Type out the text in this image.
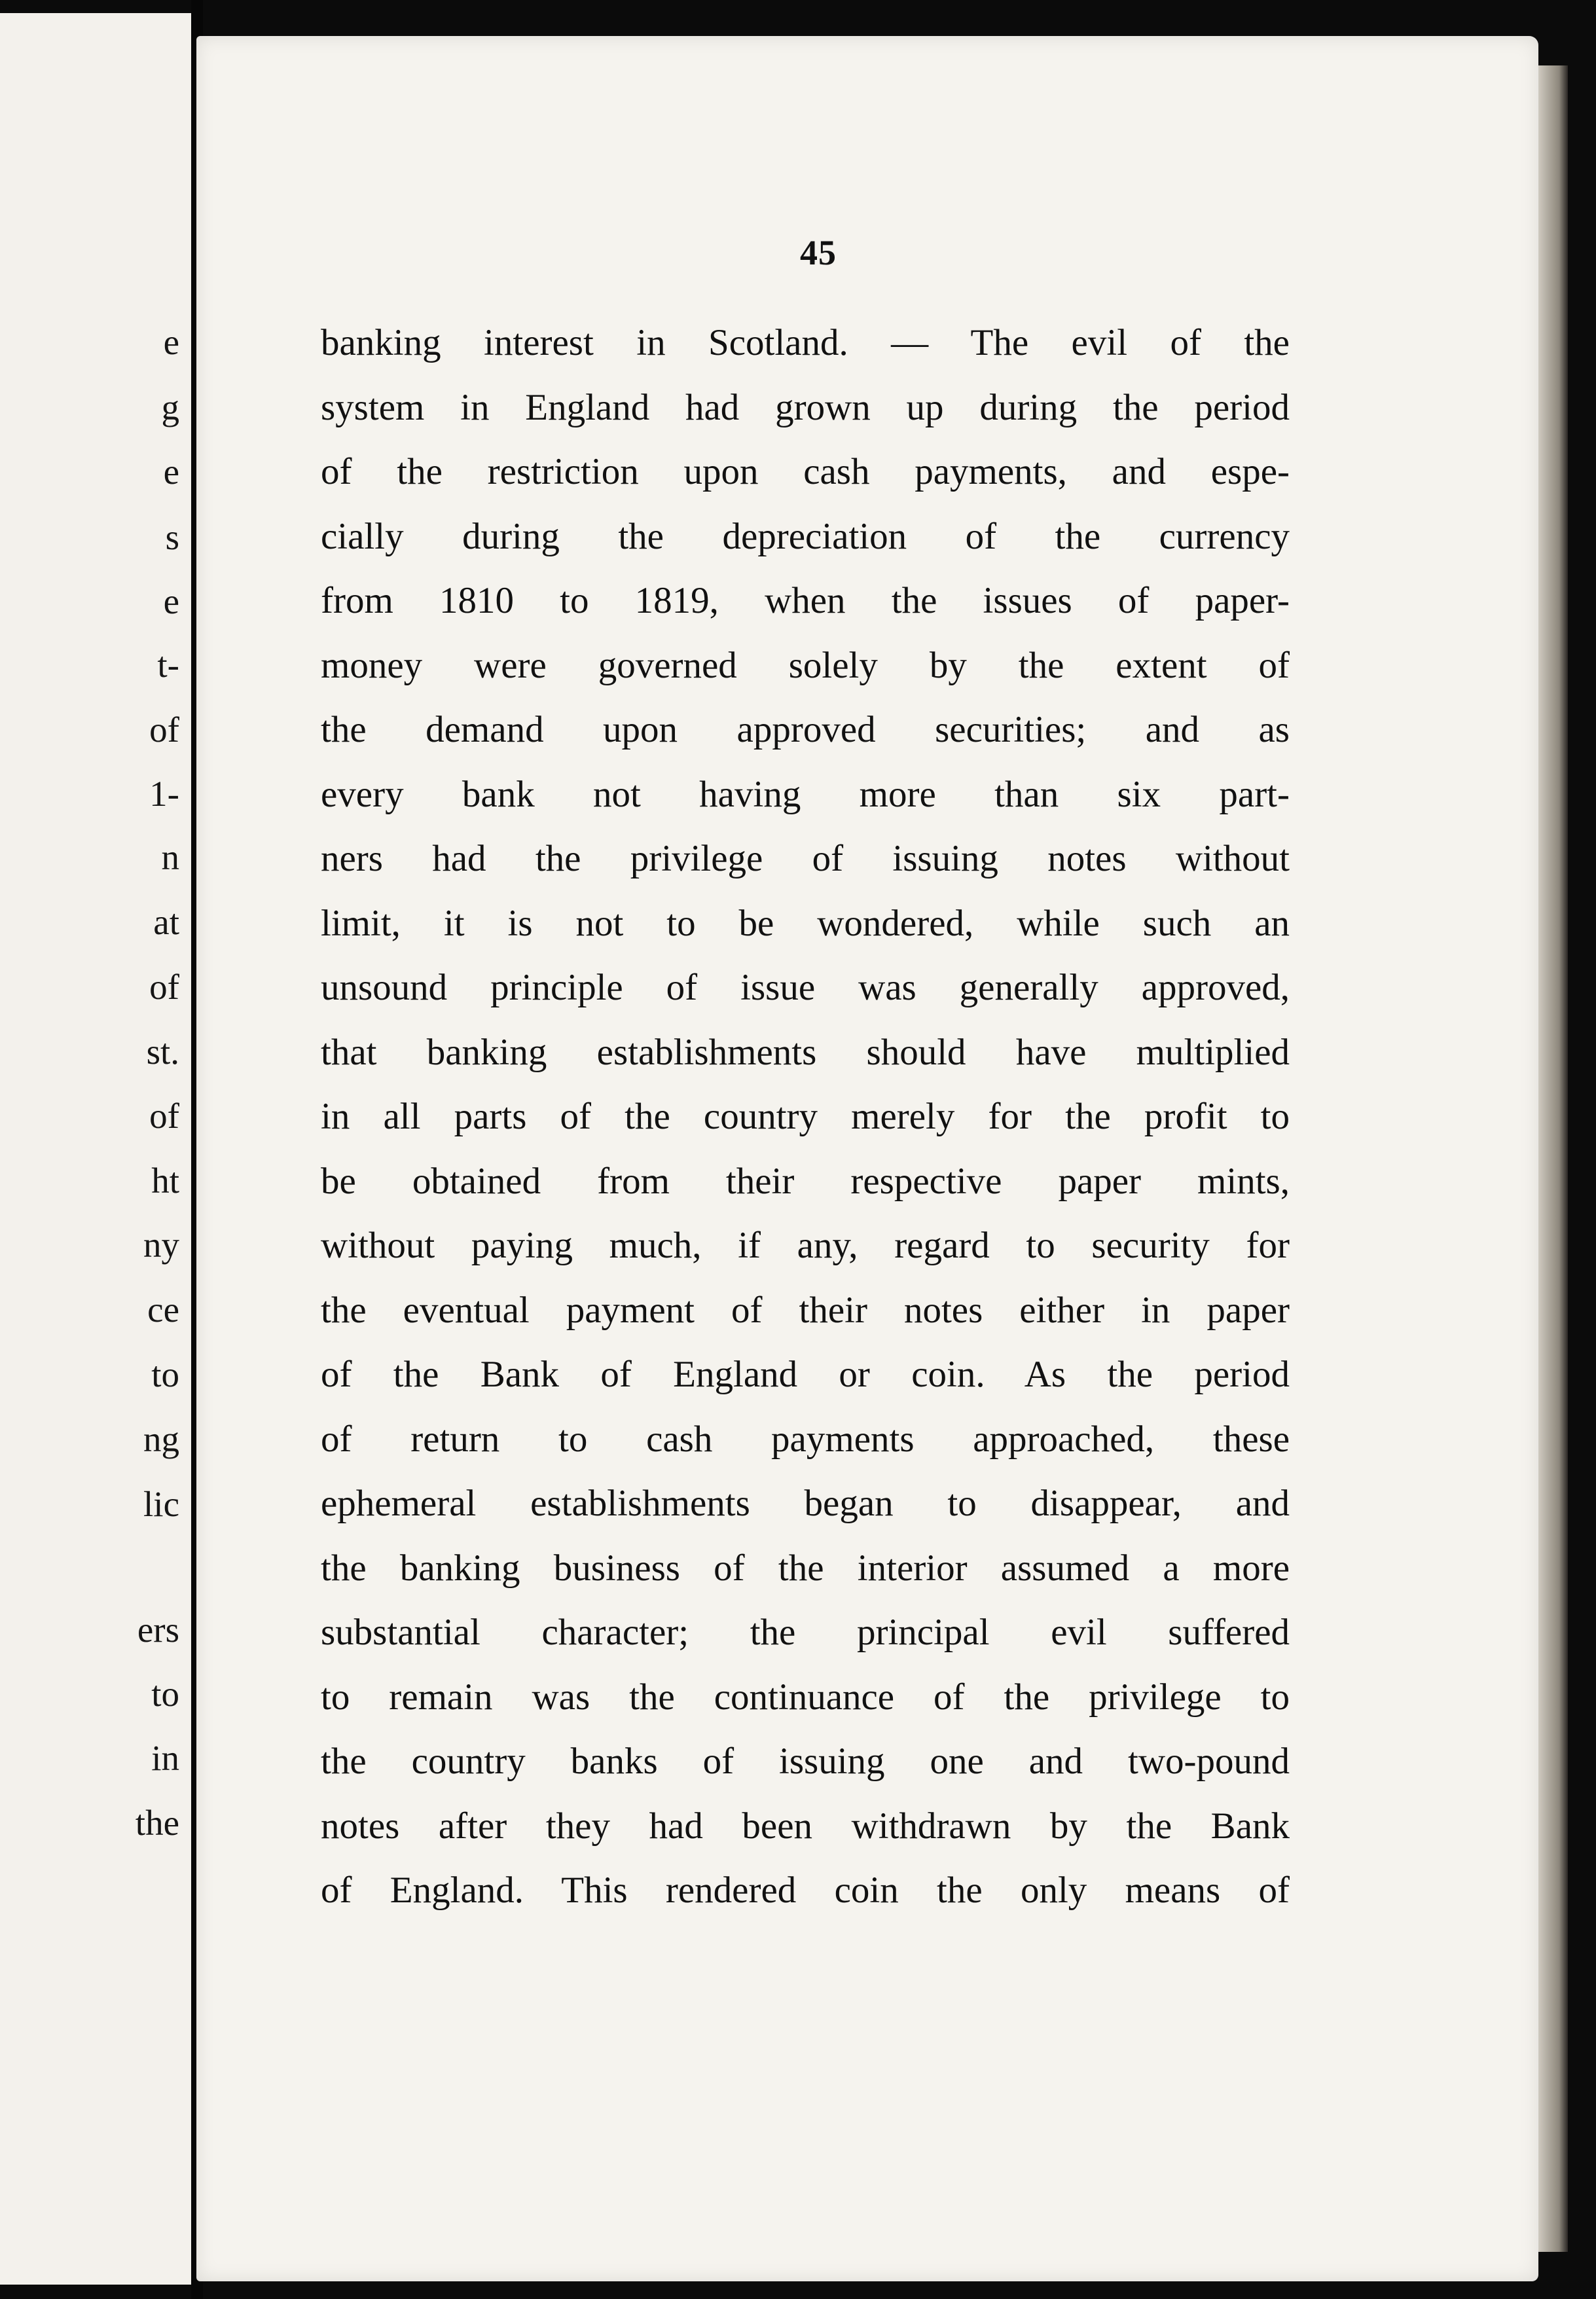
e

g

e

s

e

t-

of

1-

n

at

of

st.

of

ht

ny

ce

to

ng

lic

ers

to

in

the

45

banking interest in Scotland. — The evil of the
system in England had grown up during the period
of the restriction upon cash payments, and espe-
cially during the depreciation of the currency
from 1810 to 1819, when the issues of paper-
money were governed solely by the extent of
the demand upon approved securities; and as
every bank not having more than six part-
ners had the privilege of issuing notes without
limit, it is not to be wondered, while such an
unsound principle of issue was generally approved,
that banking establishments should have multiplied
in all parts of the country merely for the profit to
be obtained from their respective paper mints,
without paying much, if any, regard to security for
the eventual payment of their notes either in paper
of the Bank of England or coin. As the period
of return to cash payments approached, these
ephemeral establishments began to disappear, and
the banking business of the interior assumed a more
substantial character; the principal evil suffered
to remain was the continuance of the privilege to
the country banks of issuing one and two-pound
notes after they had been withdrawn by the Bank
of England. This rendered coin the only means of
